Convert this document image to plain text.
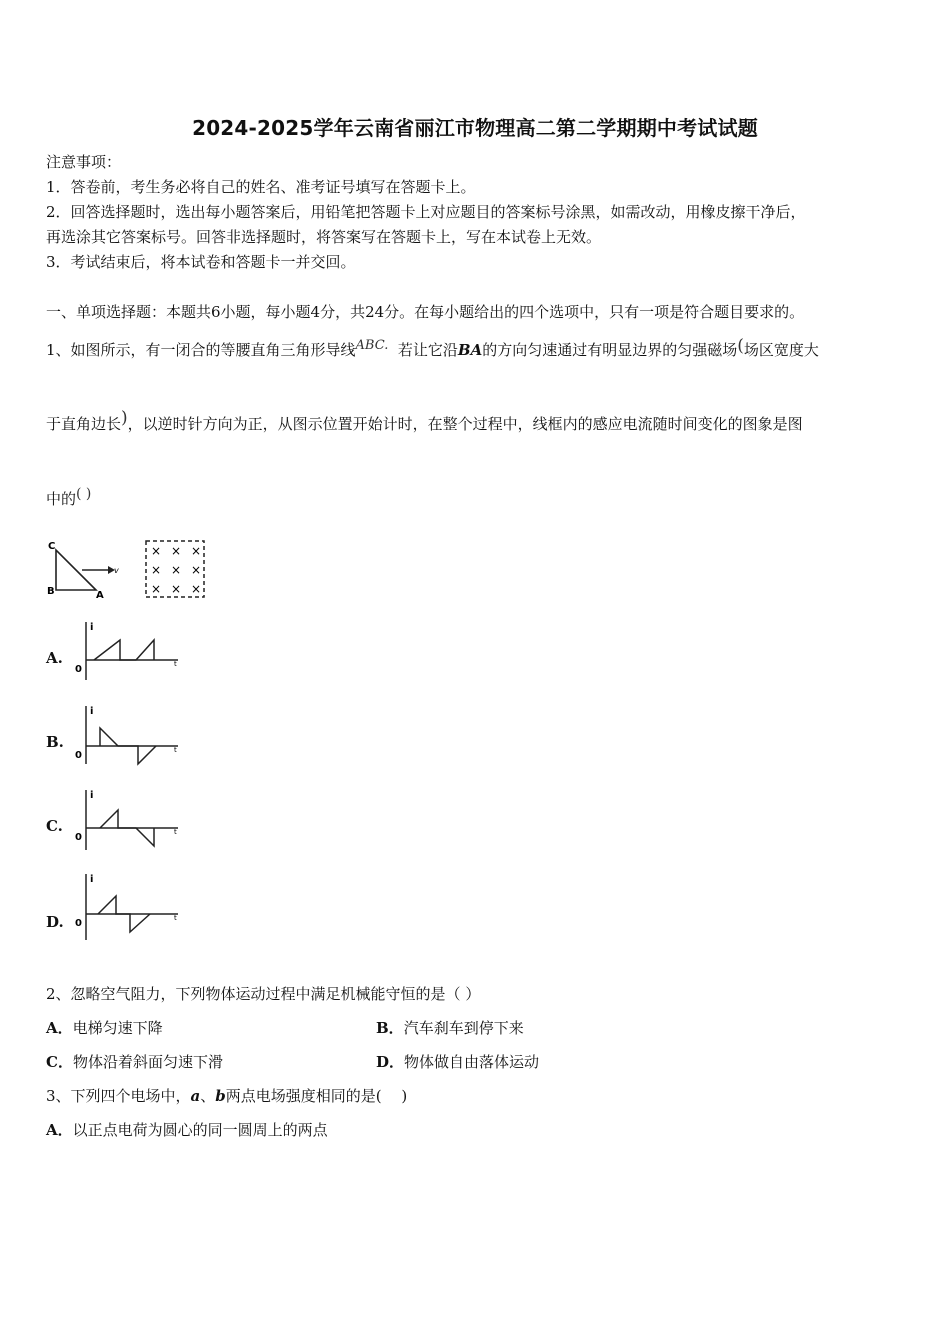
2024-2025学年云南省丽江市物理高二第二学期期中考试试题
注意事项：
1．答卷前，考生务必将自己的姓名、准考证号填写在答题卡上。
2．回答选择题时，选出每小题答案后，用铅笔把答题卡上对应题目的答案标号涂黑，如需改动，用橡皮擦干净后，
再选涂其它答案标号。回答非选择题时，将答案写在答题卡上，写在本试卷上无效。
3．考试结束后，将本试卷和答题卡一并交回。
一、单项选择题：本题共6小题，每小题4分，共24分。在每小题给出的四个选项中，只有一项是符合题目要求的。
1、如图所示，有一闭合的等腰直角三角形导线ABC. 若让它沿BA的方向匀速通过有明显边界的匀强磁场(场区宽度大
于直角边长)，以逆时针方向为正，从图示位置开始计时，在整个过程中，线框内的感应电流随时间变化的图象是图
中的( )
C
B	A
v
× × ×
× × ×
× × ×
A.
i
t
0
B.
i
t
0
C.
i
t
0
D.
i
t
0
2、忽略空气阻力，下列物体运动过程中满足机械能守恒的是（ ）
A．电梯匀速下降	B．汽车刹车到停下来
C．物体沿着斜面匀速下滑	D．物体做自由落体运动
3、下列四个电场中，a、b两点电场强度相同的是(　 )
A．以正点电荷为圆心的同一圆周上的两点
